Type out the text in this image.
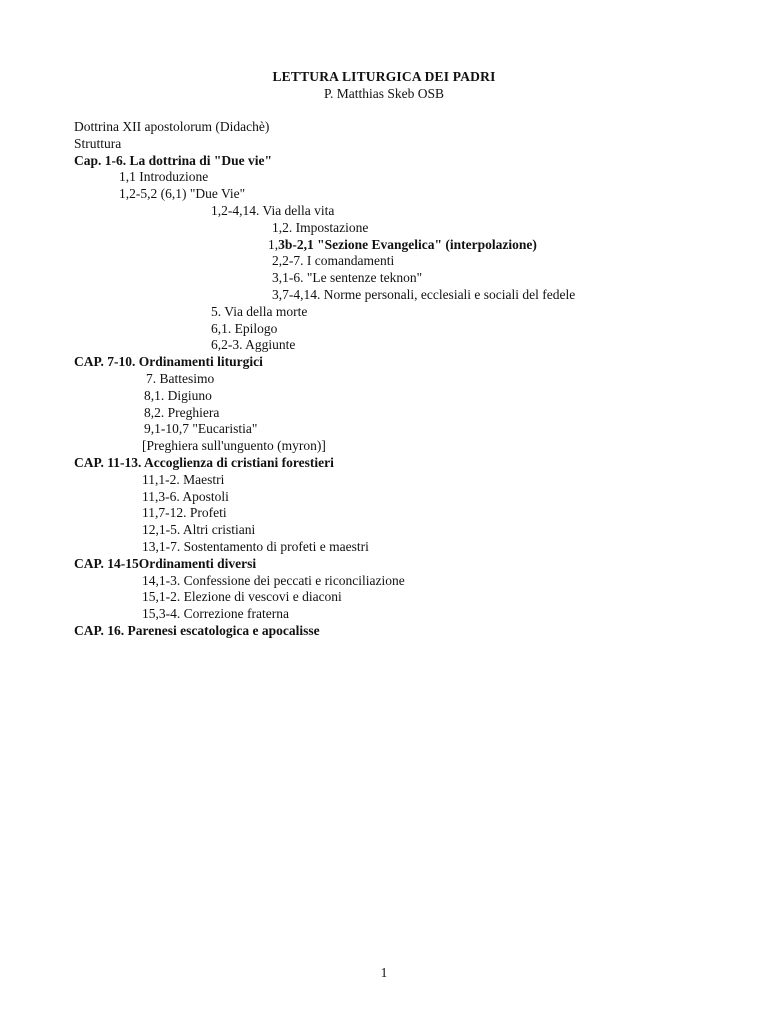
LETTURA LITURGICA DEI PADRI
P. Matthias Skeb OSB
Dottrina XII apostolorum (Didachè)
Struttura
Cap. 1-6. La dottrina di "Due vie"
1,1 Introduzione
1,2-5,2 (6,1) "Due Vie"
1,2-4,14. Via della vita
1,2. Impostazione
1,3b-2,1 "Sezione Evangelica" (interpolazione)
2,2-7. I comandamenti
3,1-6. "Le sentenze teknon"
3,7-4,14. Norme personali, ecclesiali e sociali del fedele
5. Via della morte
6,1. Epilogo
6,2-3. Aggiunte
CAP. 7-10. Ordinamenti liturgici
7. Battesimo
8,1. Digiuno
8,2. Preghiera
9,1-10,7 "Eucaristia"
[Preghiera sull'unguento (myron)]
CAP. 11-13. Accoglienza di cristiani forestieri
11,1-2. Maestri
11,3-6. Apostoli
11,7-12. Profeti
12,1-5. Altri cristiani
13,1-7. Sostentamento di profeti e maestri
CAP. 14-15Ordinamenti diversi
14,1-3. Confessione dei peccati e riconciliazione
15,1-2. Elezione di vescovi e diaconi
15,3-4. Correzione fraterna
CAP. 16. Parenesi escatologica e apocalisse
1
